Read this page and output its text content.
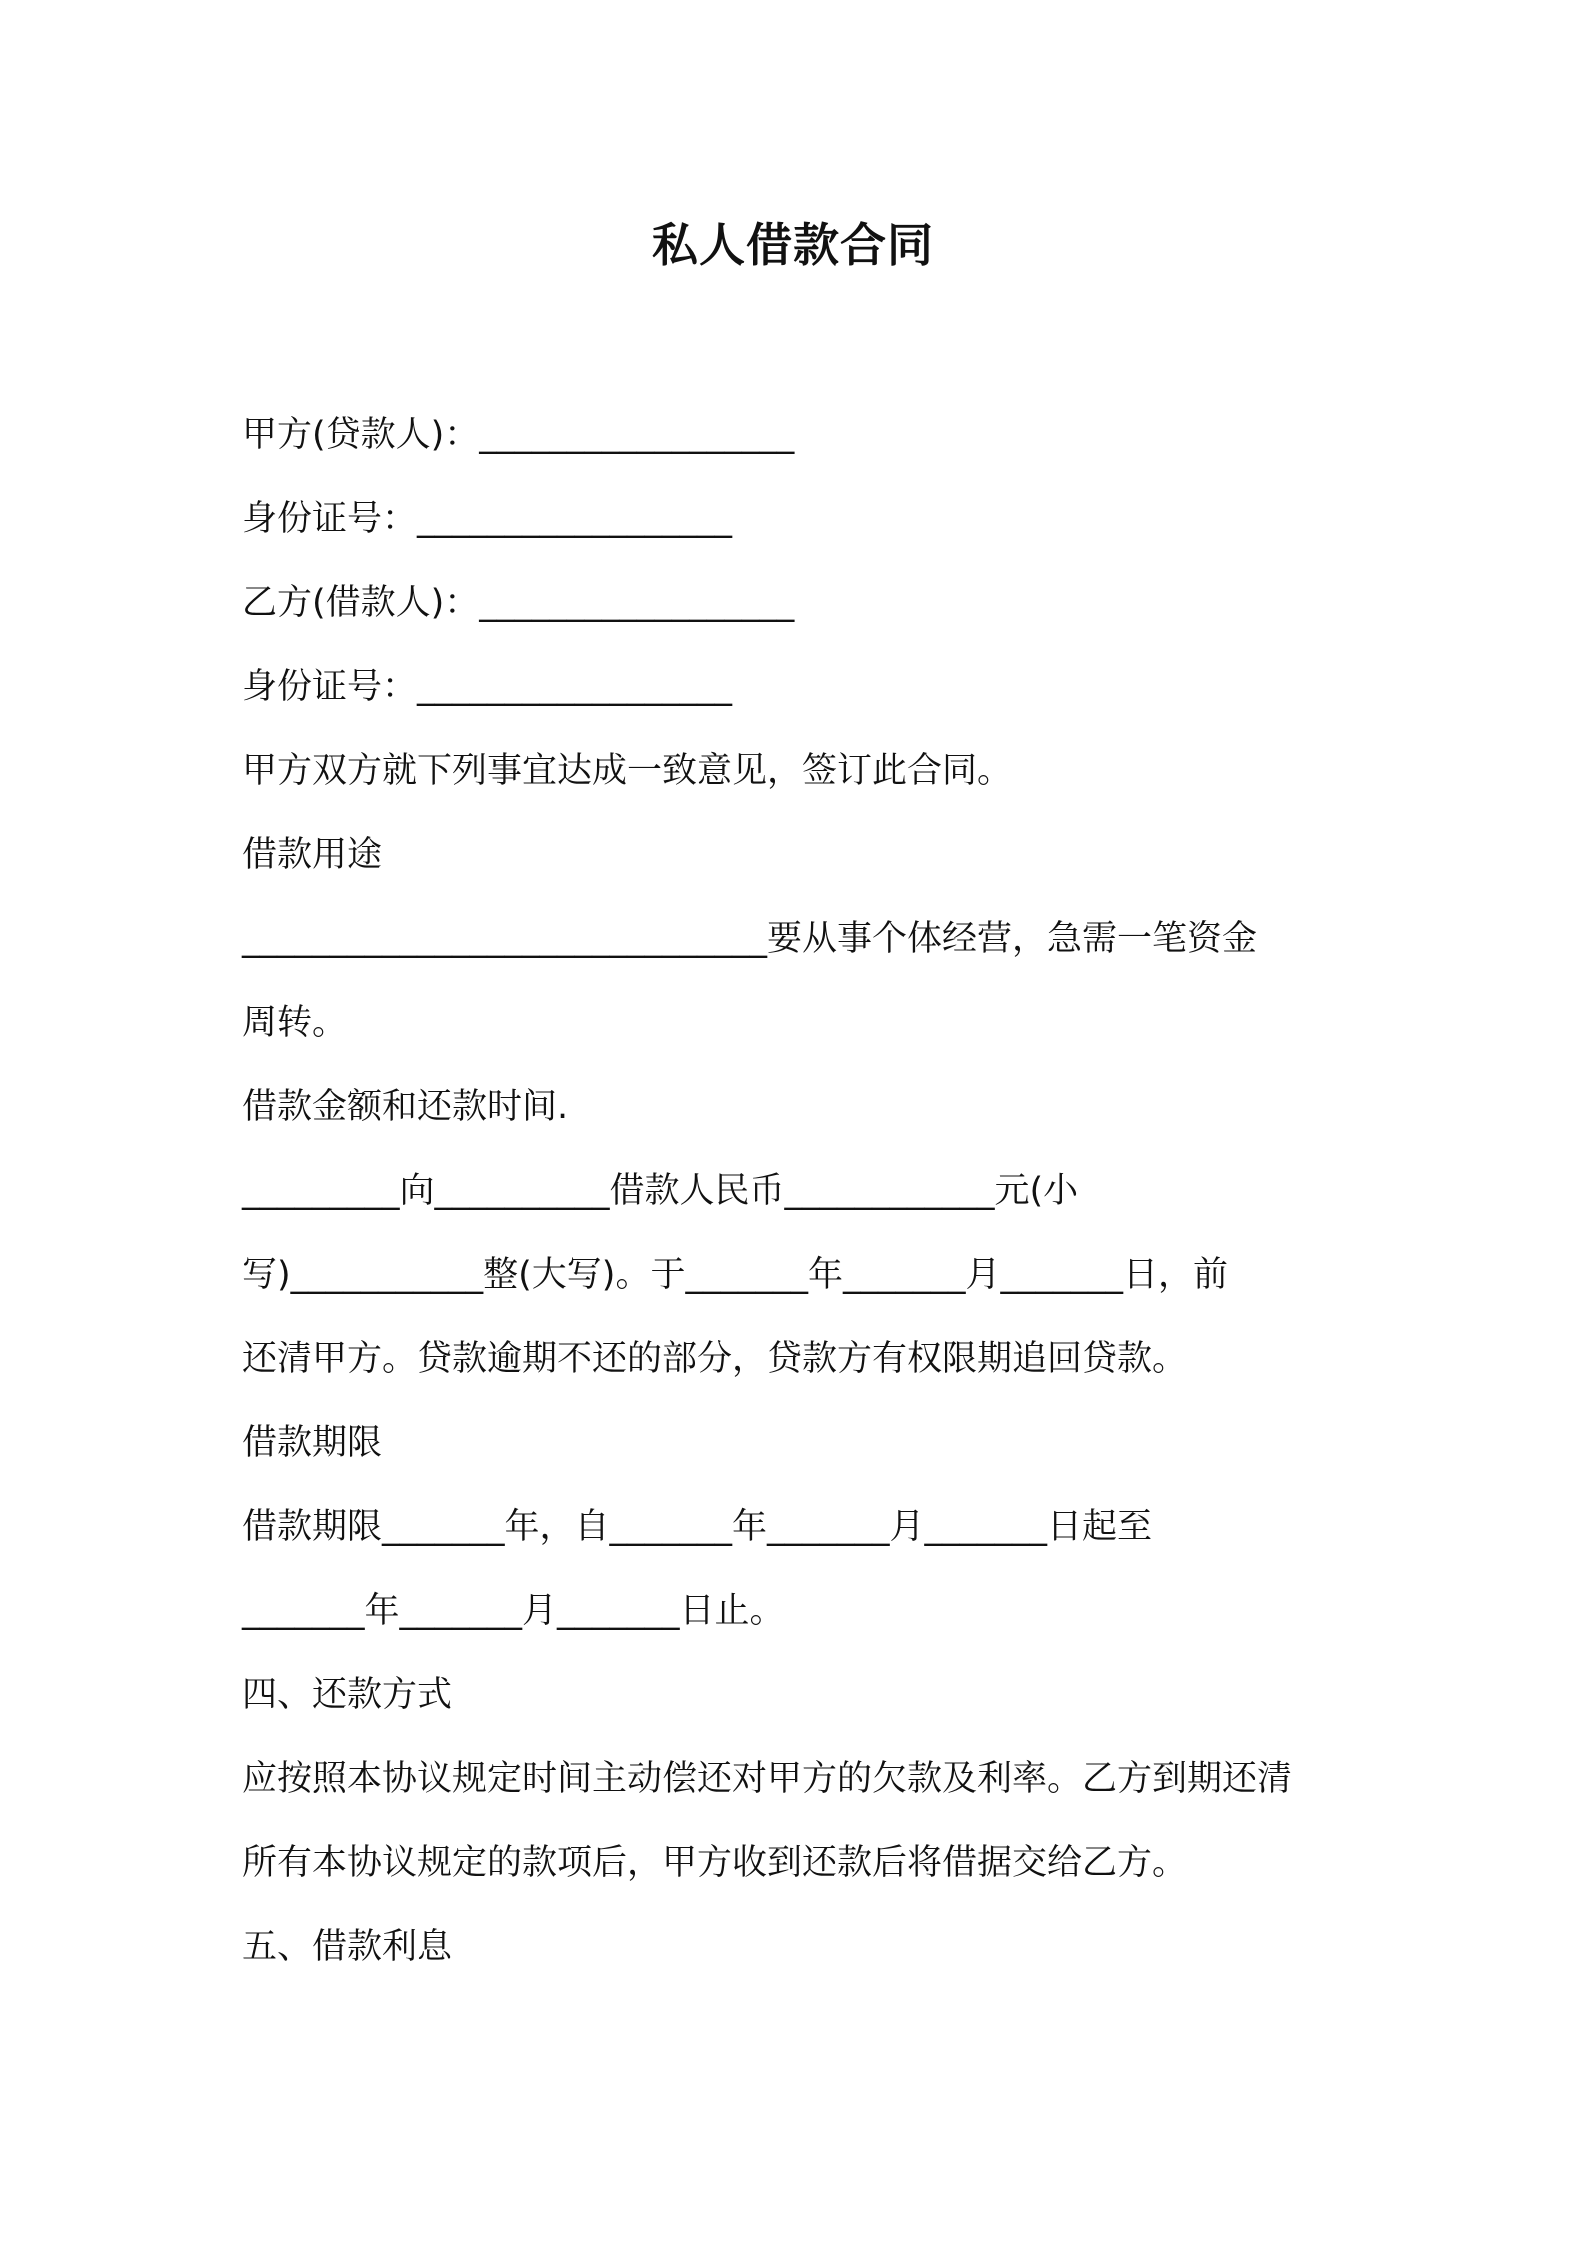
私人借款合同

甲方(贷款人)：__________________

身份证号：__________________

乙方(借款人)：__________________

身份证号：__________________

甲方双方就下列事宜达成一致意见，签订此合同。

借款用途

______________________________要从事个体经营，急需一笔资金

周转。

借款金额和还款时间.

_________向__________借款人民币____________元(小

写)___________整(大写)。于_______年_______月_______日，前

还清甲方。贷款逾期不还的部分，贷款方有权限期追回贷款。

借款期限

借款期限_______年，自_______年_______月_______日起至

_______年_______月_______日止。

四、还款方式

应按照本协议规定时间主动偿还对甲方的欠款及利率。乙方到期还清

所有本协议规定的款项后，甲方收到还款后将借据交给乙方。

五、借款利息
